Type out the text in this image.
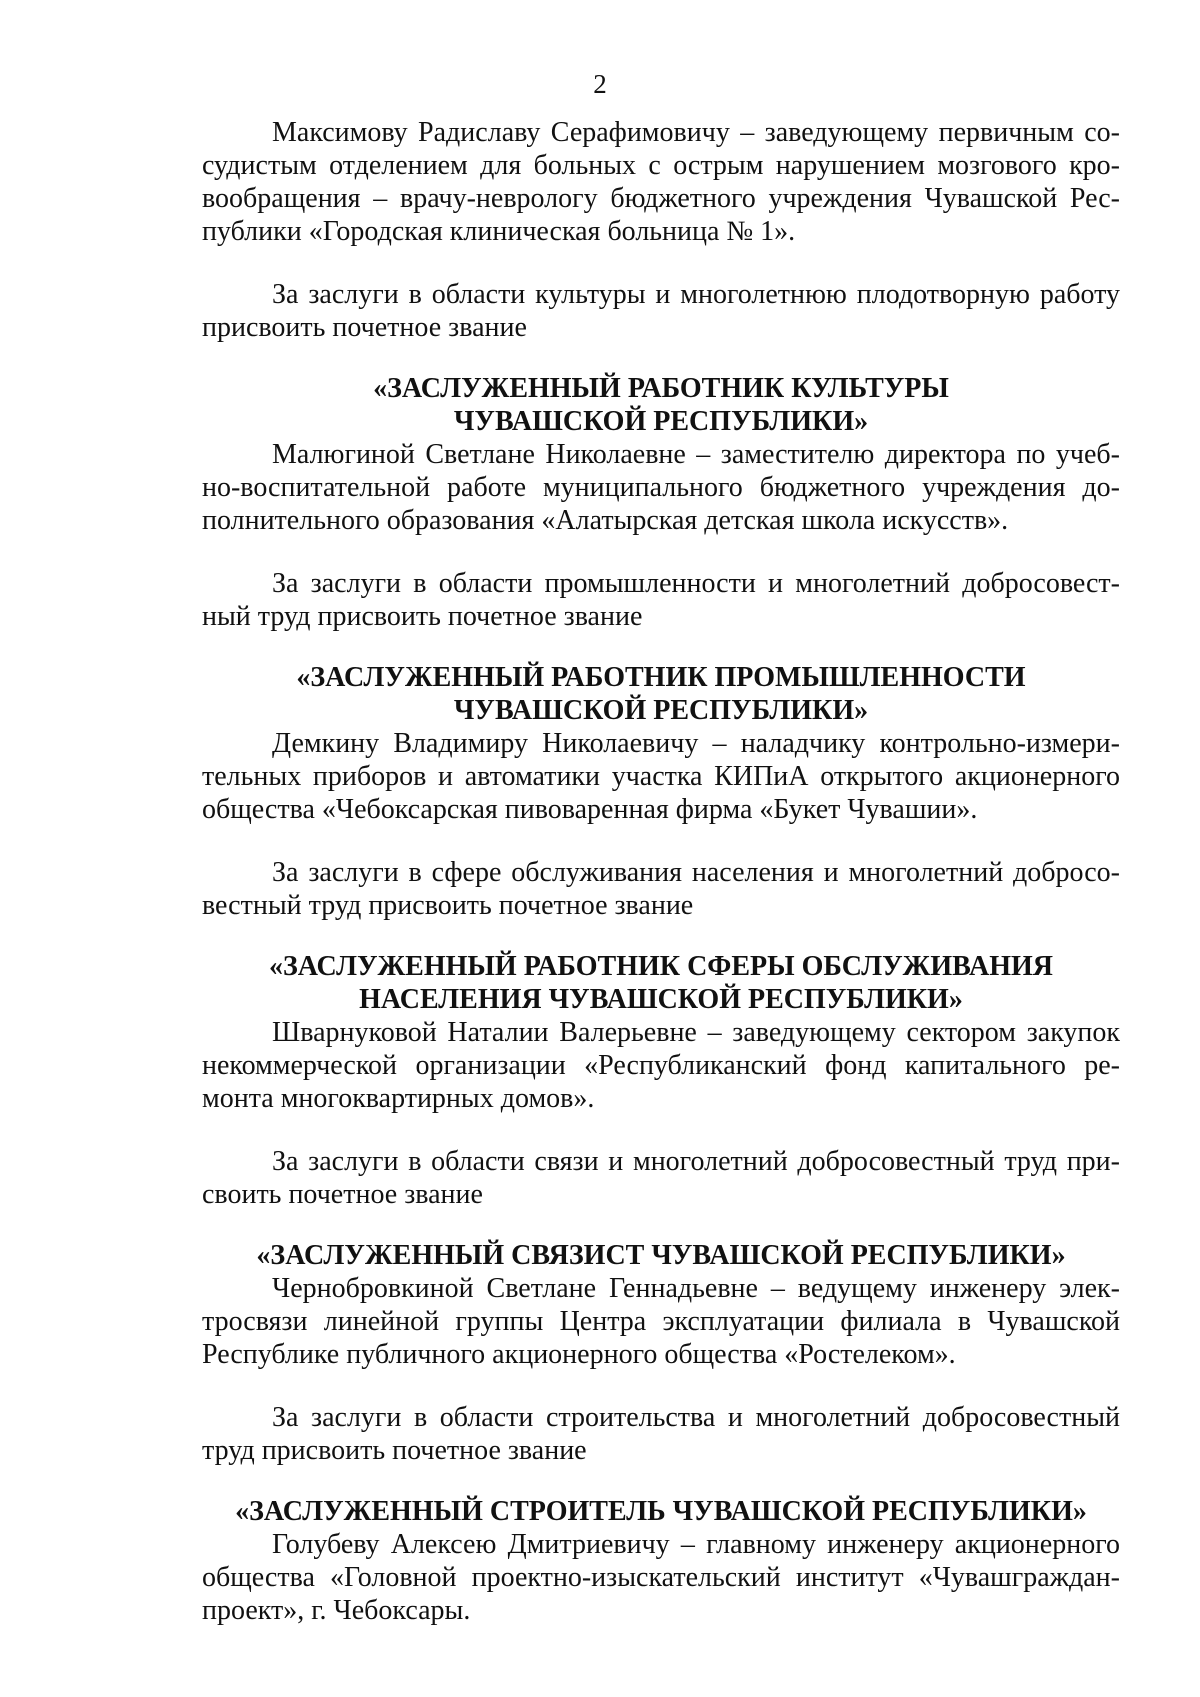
2

Максимову Радиславу Серафимовичу – заведующему первичным сосудистым отделением для больных с острым нарушением мозгового кровообращения – врачу-неврологу бюджетного учреждения Чувашской Республики «Городская клиническая больница № 1».

За заслуги в области культуры и многолетнюю плодотворную работу присвоить почетное звание

«ЗАСЛУЖЕННЫЙ РАБОТНИК КУЛЬТУРЫ
ЧУВАШСКОЙ РЕСПУБЛИКИ»

Малюгиной Светлане Николаевне – заместителю директора по учебно-воспитательной работе муниципального бюджетного учреждения дополнительного образования «Алатырская детская школа искусств».

За заслуги в области промышленности и многолетний добросовестный труд присвоить почетное звание

«ЗАСЛУЖЕННЫЙ РАБОТНИК ПРОМЫШЛЕННОСТИ
ЧУВАШСКОЙ РЕСПУБЛИКИ»

Демкину Владимиру Николаевичу – наладчику контрольно-измерительных приборов и автоматики участка КИПиА открытого акционерного общества «Чебоксарская пивоваренная фирма «Букет Чувашии».

За заслуги в сфере обслуживания населения и многолетний добросовестный труд присвоить почетное звание

«ЗАСЛУЖЕННЫЙ РАБОТНИК СФЕРЫ ОБСЛУЖИВАНИЯ
НАСЕЛЕНИЯ ЧУВАШСКОЙ РЕСПУБЛИКИ»

Шварнуковой Наталии Валерьевне – заведующему сектором закупок некоммерческой организации «Республиканский фонд капитального ремонта многоквартирных домов».

За заслуги в области связи и многолетний добросовестный труд присвоить почетное звание

«ЗАСЛУЖЕННЫЙ СВЯЗИСТ ЧУВАШСКОЙ РЕСПУБЛИКИ»

Чернобровкиной Светлане Геннадьевне – ведущему инженеру электросвязи линейной группы Центра эксплуатации филиала в Чувашской Республике публичного акционерного общества «Ростелеком».

За заслуги в области строительства и многолетний добросовестный труд присвоить почетное звание

«ЗАСЛУЖЕННЫЙ СТРОИТЕЛЬ ЧУВАШСКОЙ РЕСПУБЛИКИ»

Голубеву Алексею Дмитриевичу – главному инженеру акционерного общества «Головной проектно-изыскательский институт «Чувашгражданпроект», г. Чебоксары.
